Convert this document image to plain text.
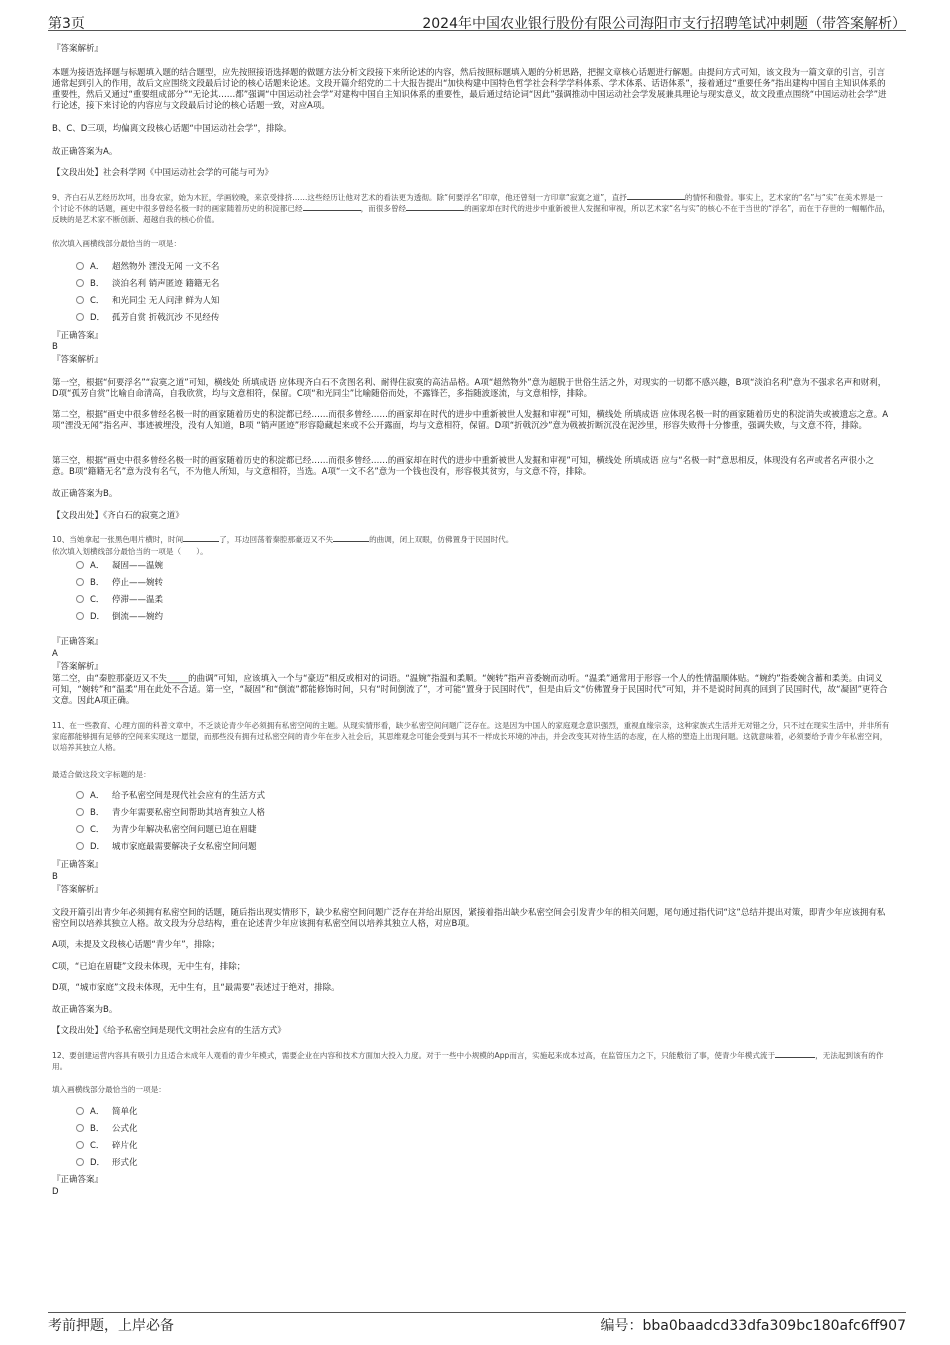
第3页	2024年中国农业银行股份有限公司海阳市支行招聘笔试冲刺题（带答案解析）
『答案解析』
本题为接语选择题与标题填入题的结合题型，应先按照接语选择题的做题方法分析文段接下来所论述的内容，然后按照标题填入题的分析思路，把握文章核心话题进行解题。由提问方式可知，该文段为一篇文章的引言，引言通常起到引入的作用，故后文应围绕文段最后讨论的核心话题来论述。文段开篇介绍党的二十大报告提出“加快构建中国特色哲学社会科学学科体系、学术体系、话语体系”，接着通过“重要任务”指出建构中国自主知识体系的重要性，然后又通过“重要组成部分”“无论其……都”强调“中国运动社会学”对建构中国自主知识体系的重要性，最后通过结论词“因此”强调推动中国运动社会学发展兼具理论与现实意义，故文段重点围绕“中国运动社会学”进行论述，接下来讨论的内容应与文段最后讨论的核心话题一致，对应A项。
B、C、D三项，均偏离文段核心话题“中国运动社会学”，排除。
故正确答案为A。
【文段出处】社会科学网《中国运动社会学的可能与可为》
9、齐白石从艺经历坎坷，出身农家，始为木匠，学画较晚，来京受排挤……这些经历让他对艺术的看法更为透彻。除“何要浮名”印章，他还曾刻一方印章“寂寞之道”，直抒	的情怀和傲骨。事实上，艺术家的“名”与“实”在美术界是一个讨论不休的话题，画史中很多曾经名极一时的画家随着历史的积淀都已经	，而很多曾经	的画家却在时代的进步中重新被世人发掘和审视，所以艺术家“名与实”的核心不在于当世的“浮名”，而在于存世的一幅幅作品，反映的是艺术家不断创新、超越自我的核心价值。
依次填入画横线部分最恰当的一项是：
A． 超然物外 湮没无闻 一文不名
B． 淡泊名利 销声匿迹 籍籍无名
C． 和光同尘 无人问津 鲜为人知
D． 孤芳自赏 折戟沉沙 不见经传
『正确答案』
B
『答案解析』
第一空，根据“何要浮名”“寂寞之道”可知，横线处 所填成语 应体现齐白石不贪图名利、耐得住寂寞的高洁品格。A项“超然物外”意为超脱于世俗生活之外，对现实的一切都不感兴趣，B项“淡泊名利”意为不强求名声和财利，D项“孤芳自赏”比喻自命清高，自我欣赏，均与文意相符，保留。C项“和光同尘”比喻随俗而处，不露锋芒，多指随波逐流，与文意相悖，排除。
第二空，根据“画史中很多曾经名极一时的画家随着历史的积淀都已经……而很多曾经……的画家却在时代的进步中重新被世人发掘和审视”可知，横线处 所填成语 应体现名极一时的画家随着历史的积淀消失或被遗忘之意。A项“湮没无闻”指名声、事迹被埋没，没有人知道，B项 “销声匿迹”形容隐藏起来或不公开露面，均与文意相符，保留。D项“折戟沉沙”意为戟被折断沉没在泥沙里，形容失败得十分惨重，强调失败，与文意不符，排除。
第三空，根据“画史中很多曾经名极一时的画家随着历史的积淀都已经……而很多曾经……的画家却在时代的进步中重新被世人发掘和审视”可知，横线处 所填成语 应与“名极一时”意思相反，体现没有名声或者名声很小之意。B项“籍籍无名”意为没有名气，不为他人所知，与文意相符，当选。A项“一文不名”意为一个钱也没有，形容极其贫穷，与文意不符，排除。
故正确答案为B。
【文段出处】《齐白石的寂寞之道》
10、当她拿起一张黑色唱片横时，时间	了，耳边回荡着秦腔那豪迈又不失	的曲调，闭上双眼，仿佛置身于民国时代。
依次填入划横线部分最恰当的一项是（　　）。
A． 凝固——温婉
B． 停止——婉转
C． 停滞——温柔
D． 倒流——婉约
『正确答案』
A
『答案解析』
第二空，由“秦腔那豪迈又不失_____的曲调”可知，应该填入一个与“豪迈”相反或相对的词语。“温婉”指温和柔顺。“婉转”指声音委婉而动听。“温柔”通常用于形容一个人的性情温顺体贴。“婉约”指委婉含蓄和柔美。由词义可知，“婉转”和“温柔”用在此处不合适。第一空，“凝固”和“倒流”都能修饰时间，只有“时间倒流了”，才可能“置身于民国时代”，但是由后文“仿佛置身于民国时代”可知，并不是说时间真的回到了民国时代，故“凝固”更符合文意。因此A项正确。
11、在一些教育、心理方面的科普文章中，不乏谈论青少年必须拥有私密空间的主题。从现实情形看，缺少私密空间问题广泛存在。这是因为中国人的家庭观念意识强烈，重视血缘宗亲，这种家族式生活并无对错之分，只不过在现实生活中，并非所有家庭都能够拥有足够的空间来实现这一愿望，而那些没有拥有过私密空间的青少年在步入社会后，其思维观念可能会受到与其不一样成长环境的冲击，并会改变其对待生活的态度，在人格的塑造上出现问题。这就意味着，必须要给予青少年私密空间，以培养其独立人格。
最适合做这段文字标题的是：
A． 给予私密空间是现代社会应有的生活方式
B． 青少年需要私密空间帮助其培育独立人格
C． 为青少年解决私密空间问题已迫在眉睫
D． 城市家庭最需要解决子女私密空间问题
『正确答案』
B
『答案解析』
文段开篇引出青少年必须拥有私密空间的话题，随后指出现实情形下，缺少私密空间问题广泛存在并给出原因，紧接着指出缺少私密空间会引发青少年的相关问题，尾句通过指代词“这”总结并提出对策，即青少年应该拥有私密空间以培养其独立人格。故文段为分总结构，重在论述青少年应该拥有私密空间以培养其独立人格，对应B项。
A项，未提及文段核心话题“青少年”，排除；
C项，“已迫在眉睫”文段未体现，无中生有，排除；
D项，“城市家庭”文段未体现，无中生有，且“最需要”表述过于绝对，排除。
故正确答案为B。
【文段出处】《给予私密空间是现代文明社会应有的生活方式》
12、要创建运营内容具有吸引力且适合未成年人观看的青少年模式，需要企业在内容和技术方面加大投入力度。对于一些中小规模的App而言，实施起来成本过高，在监管压力之下，只能敷衍了事，使青少年模式流于	，无法起到该有的作用。
填入画横线部分最恰当的一项是：
A． 简单化
B． 公式化
C． 碎片化
D． 形式化
『正确答案』
D
考前押题，上岸必备	编号：bba0baadcd33dfa309bc180afc6ff907
